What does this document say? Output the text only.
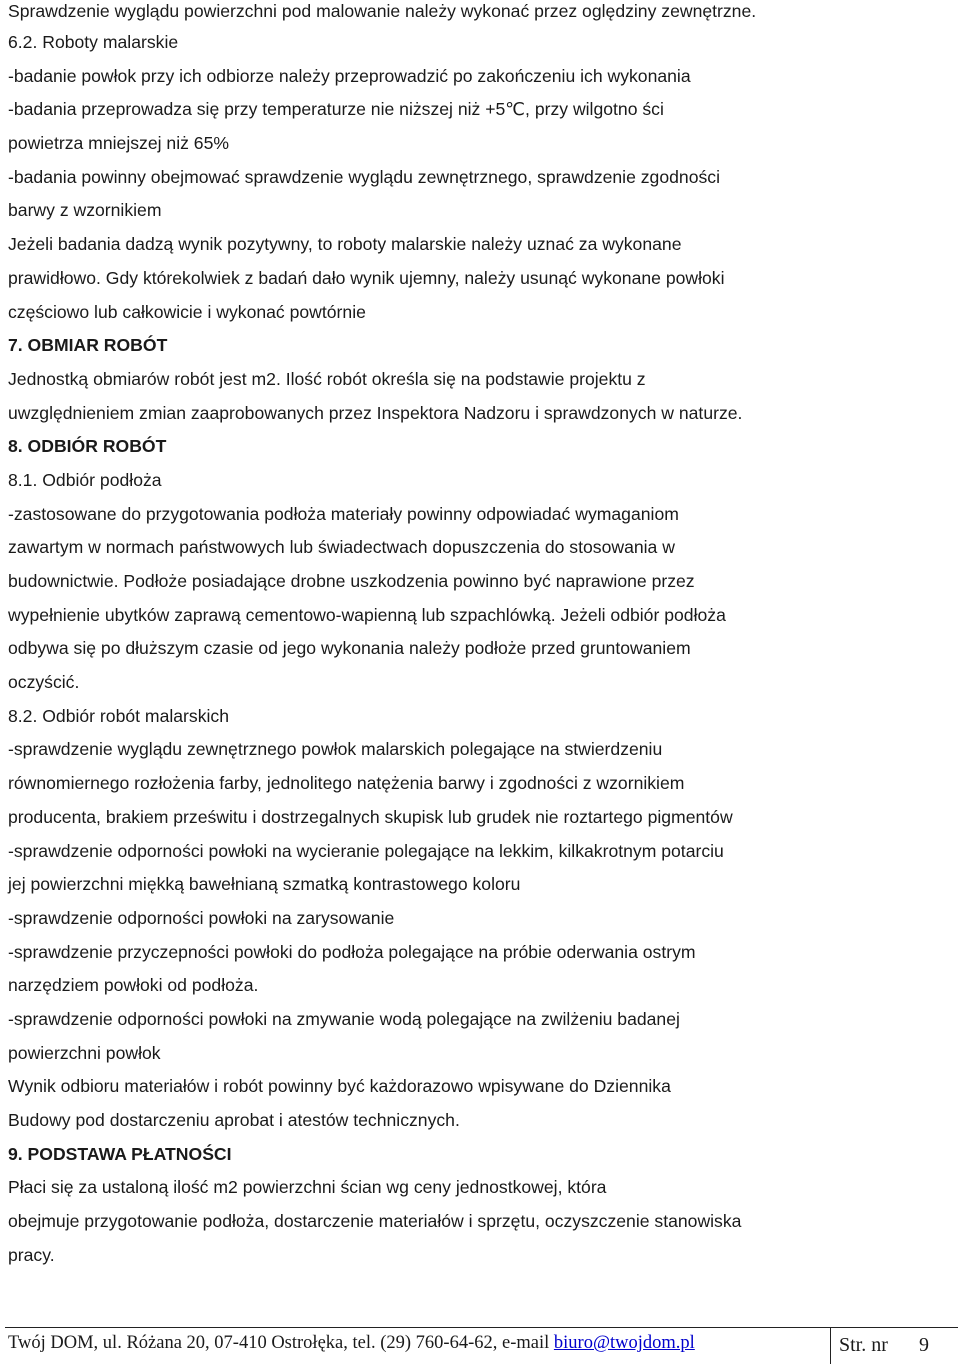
Sprawdzenie wyglądu powierzchni pod malowanie należy wykonać przez oględziny zewnętrzne.
6.2. Roboty malarskie
-badanie powłok przy ich odbiorze należy przeprowadzić po zakończeniu ich wykonania
-badania przeprowadza się przy temperaturze nie niższej niż +5℃, przy wilgotno ści
powietrza mniejszej niż 65%
-badania powinny obejmować sprawdzenie wyglądu zewnętrznego, sprawdzenie zgodności
barwy z wzornikiem
Jeżeli badania dadzą wynik pozytywny, to roboty malarskie należy uznać za wykonane
prawidłowo. Gdy którekolwiek z badań dało wynik ujemny, należy usunąć wykonane powłoki
częściowo lub całkowicie i wykonać powtórnie
7. OBMIAR ROBÓT
Jednostką obmiarów robót jest m2. Ilość robót określa się na podstawie projektu z
uwzględnieniem zmian zaaprobowanych przez Inspektora Nadzoru i sprawdzonych w naturze.
8. ODBIÓR ROBÓT
8.1. Odbiór podłoża
-zastosowane do przygotowania podłoża materiały powinny odpowiadać wymaganiom
zawartym w normach państwowych lub świadectwach dopuszczenia do stosowania w
budownictwie. Podłoże posiadające drobne uszkodzenia powinno być naprawione przez
wypełnienie ubytków zaprawą cementowo-wapienną lub szpachlówką. Jeżeli odbiór podłoża
odbywa się po dłuższym czasie od jego wykonania należy podłoże przed gruntowaniem
oczyścić.
8.2. Odbiór robót malarskich
-sprawdzenie wyglądu zewnętrznego powłok malarskich polegające na stwierdzeniu
równomiernego rozłożenia farby, jednolitego natężenia barwy i zgodności z wzornikiem
producenta, brakiem prześwitu i dostrzegalnych skupisk lub grudek nie roztartego pigmentów
-sprawdzenie odporności powłoki na wycieranie polegające na lekkim, kilkakrotnym potarciu
jej powierzchni miękką bawełnianą szmatką kontrastowego koloru
-sprawdzenie odporności powłoki na zarysowanie
-sprawdzenie przyczepności powłoki do podłoża polegające na próbie oderwania ostrym
narzędziem powłoki od podłoża.
-sprawdzenie odporności powłoki na zmywanie wodą polegające na zwilżeniu badanej
powierzchni powłok
Wynik odbioru materiałów i robót powinny być każdorazowo wpisywane do Dziennika
Budowy pod dostarczeniu aprobat i atestów technicznych.
9. PODSTAWA PŁATNOŚCI
Płaci się za ustaloną ilość m2 powierzchni ścian wg ceny jednostkowej, która
obejmuje przygotowanie podłoża, dostarczenie materiałów i sprzętu, oczyszczenie stanowiska
pracy.
Twój DOM, ul. Różana 20, 07-410 Ostrołęka, tel. (29) 760-64-62, e-mail biuro@twojdom.pl	Str. nr 9
